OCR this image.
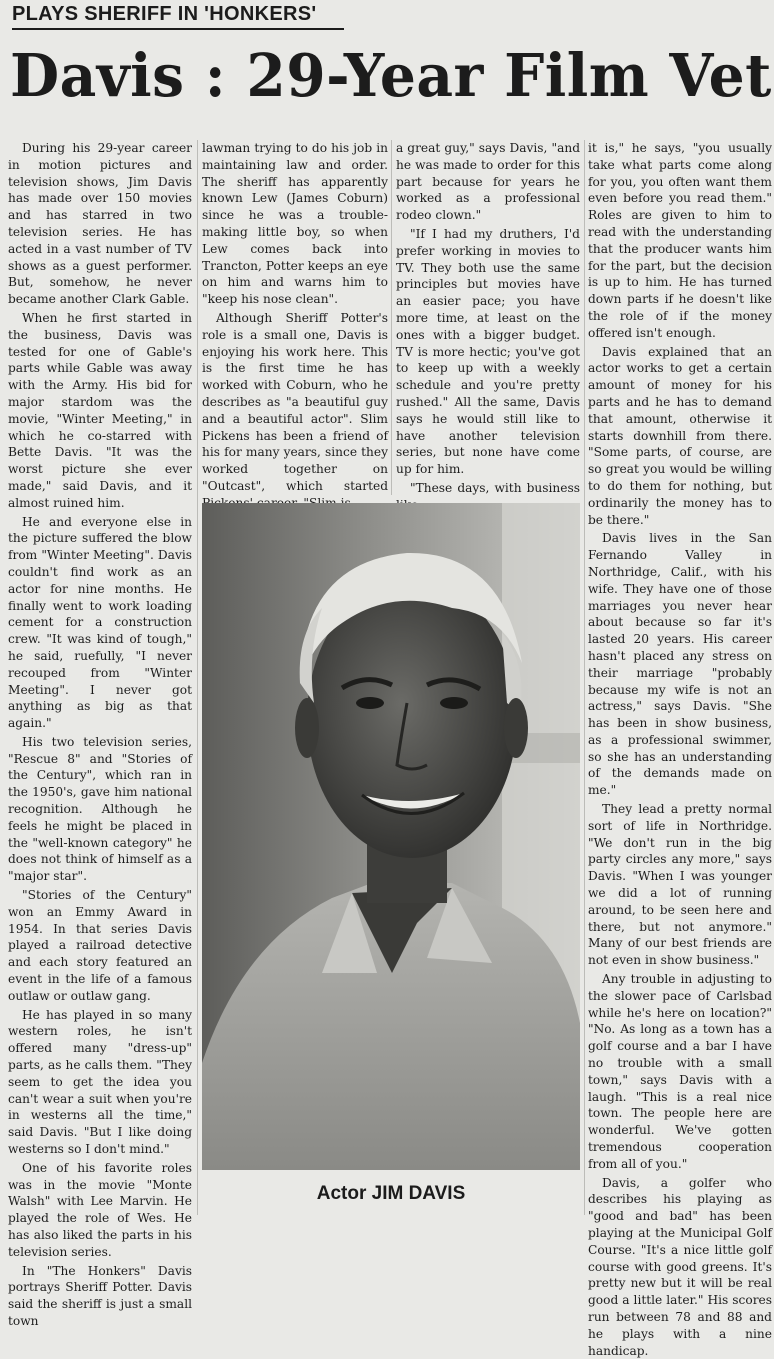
PLAYS SHERIFF IN 'HONKERS'
Davis : 29-Year Film Vet

During his 29-year career in motion pictures and television shows, Jim Davis has made over 150 movies and has starred in two television series. He has acted in a vast number of TV shows as a guest performer. But, somehow, he never became another Clark Gable.

When he first started in the business, Davis was tested for one of Gable's parts while Gable was away with the Army. His bid for major stardom was the movie, "Winter Meeting," in which he co-starred with Bette Davis. "It was the worst picture she ever made," said Davis, and it almost ruined him.

He and everyone else in the picture suffered the blow from "Winter Meeting". Davis couldn't find work as an actor for nine months. He finally went to work loading cement for a construction crew. "It was kind of tough," he said, ruefully, "I never recouped from "Winter Meeting". I never got anything as big as that again."

His two television series, "Rescue 8" and "Stories of the Century", which ran in the 1950's, gave him national recognition. Although he feels he might be placed in the "well-known category" he does not think of himself as a "major star".

"Stories of the Century" won an Emmy Award in 1954. In that series Davis played a railroad detective and each story featured an event in the life of a famous outlaw or outlaw gang.

He has played in so many western roles, he isn't offered many "dress-up" parts, as he calls them. "They seem to get the idea you can't wear a suit when you're in westerns all the time," said Davis. "But I like doing westerns so I don't mind."

One of his favorite roles was in the movie "Monte Walsh" with Lee Marvin. He played the role of Wes. He has also liked the parts in his television series.

In "The Honkers" Davis portrays Sheriff Potter. Davis said the sheriff is just a small town

lawman trying to do his job in maintaining law and order. The sheriff has apparently known Lew (James Coburn) since he was a trouble-making little boy, so when Lew comes back into Trancton, Potter keeps an eye on him and warns him to "keep his nose clean".

Although Sheriff Potter's role is a small one, Davis is enjoying his work here. This is the first time he has worked with Coburn, who he describes as "a beautiful guy and a beautiful actor". Slim Pickens has been a friend of his for many years, since they worked together on "Outcast", which started

a great guy," says Davis, "and he was made to order for this part because for years he worked as a professional rodeo clown."

"If I had my druthers, I'd prefer working in movies to TV. They both use the same principles but movies have an easier pace; you have more time, at least on the ones with a bigger budget. TV is more hectic; you've got to keep up with a weekly schedule and you're pretty rushed." All the same, Davis says he would still like to have another television series, but none have come up for him.

"These days, with business

it is," he says, "you usually take what parts come along for you, you often want them even before you read them." Roles are given to him to read with the understanding that the producer wants him for the part, but the decision is up to him. He has turned down parts if he doesn't like the role of if the money offered isn't enough.

Davis explained that an actor works to get a certain amount of money for his parts and he has to demand that amount, otherwise it starts downhill from there. "Some parts, of course, are so great you would be willing to do them for nothing, but ordinarily the money has to be there."

Davis lives in the San Fernando Valley in Northridge, Calif., with his wife. They have one of those marriages you never hear about because so far it's lasted 20 years. His career hasn't placed any stress on their marriage "probably because my wife is not an actress," says Davis. "She has been in show business, as a professional swimmer, so she has an understanding of the demands made on me."

They lead a pretty normal sort of life in Northridge. "We don't run in the big party circles any more," says Davis. "When I was younger we did a lot of running around, to be seen here and there, but not anymore." Many of our best friends are not even in show business."

Any trouble in adjusting to the slower pace of Carlsbad while he's here on location?" "No. As long as a town has a golf course and a bar I have no trouble with a small town," says Davis with a laugh. "This is a real nice town. The people here are wonderful. We've gotten tremendous cooperation from all of you."

Davis, a golfer who describes his playing as "good and bad" has been playing at the Municipal Golf Course. "It's a nice little golf course with good greens. It's pretty new but it will be real good a little later." His scores run between 78 and 88 and he plays with a nine handicap.

Actor JIM DAVIS
